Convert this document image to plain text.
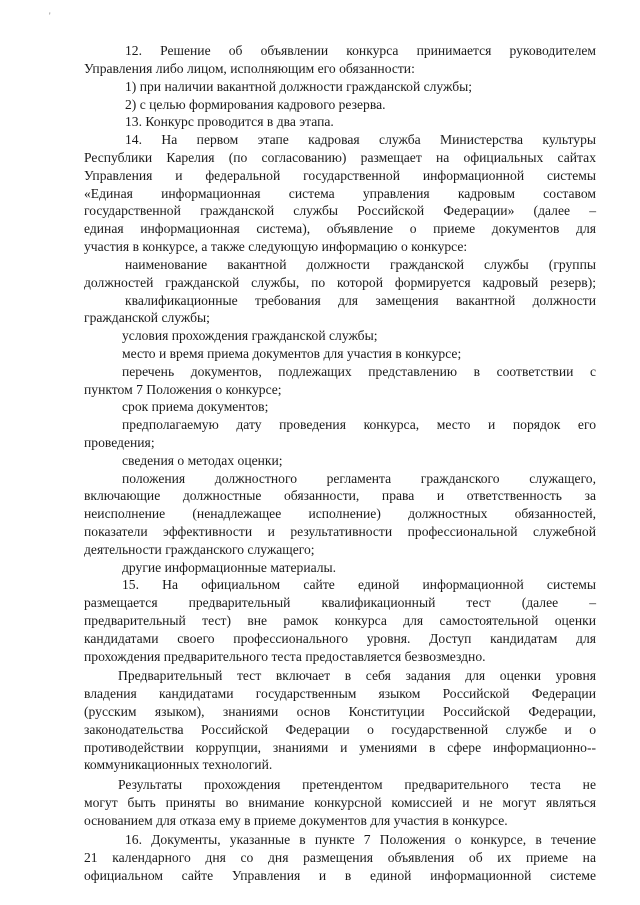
'
12. Решение об объявлении конкурса принимается руководителем
Управления либо лицом, исполняющим его обязанности:
1) при наличии вакантной должности гражданской службы;
2) с целью формирования кадрового резерва.
13. Конкурс проводится в два этапа.
14. На первом этапе кадровая служба Министерства культуры
Республики Карелия (по согласованию) размещает на официальных сайтах
Управления и федеральной государственной информационной системы
«Единая информационная система управления кадровым составом
государственной гражданской службы Российской Федерации» (далее –
единая информационная система), объявление о приеме документов для
участия в конкурсе, а также следующую информацию о конкурсе:
наименование вакантной должности гражданской службы (группы
должностей гражданской службы, по которой формируется кадровый резерв);
квалификационные требования для замещения вакантной должности
гражданской службы;
условия прохождения гражданской службы;
место и время приема документов для участия в конкурсе;
перечень документов, подлежащих представлению в соответствии с
пунктом 7 Положения о конкурсе;
срок приема документов;
предполагаемую дату проведения конкурса, место и порядок его
проведения;
сведения о методах оценки;
положения должностного регламента гражданского служащего,
включающие должностные обязанности, права и ответственность за
неисполнение (ненадлежащее исполнение) должностных обязанностей,
показатели эффективности и результативности профессиональной служебной
деятельности гражданского служащего;
другие информационные материалы.
15. На официальном сайте единой информационной системы
размещается предварительный квалификационный тест (далее –
предварительный тест) вне рамок конкурса для самостоятельной оценки
кандидатами своего профессионального уровня. Доступ кандидатам для
прохождения предварительного теста предоставляется безвозмездно.
Предварительный тест включает в себя задания для оценки уровня
владения кандидатами государственным языком Российской Федерации
(русским языком), знаниями основ Конституции Российской Федерации,
законодательства Российской Федерации о государственной службе и о
противодействии коррупции, знаниями и умениями в сфере информационно--
коммуникационных технологий.
Результаты прохождения претендентом предварительного теста не
могут быть приняты во внимание конкурсной комиссией и не могут являться
основанием для отказа ему в приеме документов для участия в конкурсе.
16. Документы, указанные в пункте 7 Положения о конкурсе, в течение
21 календарного дня со дня размещения объявления об их приеме на
официальном сайте Управления и в единой информационной системе
